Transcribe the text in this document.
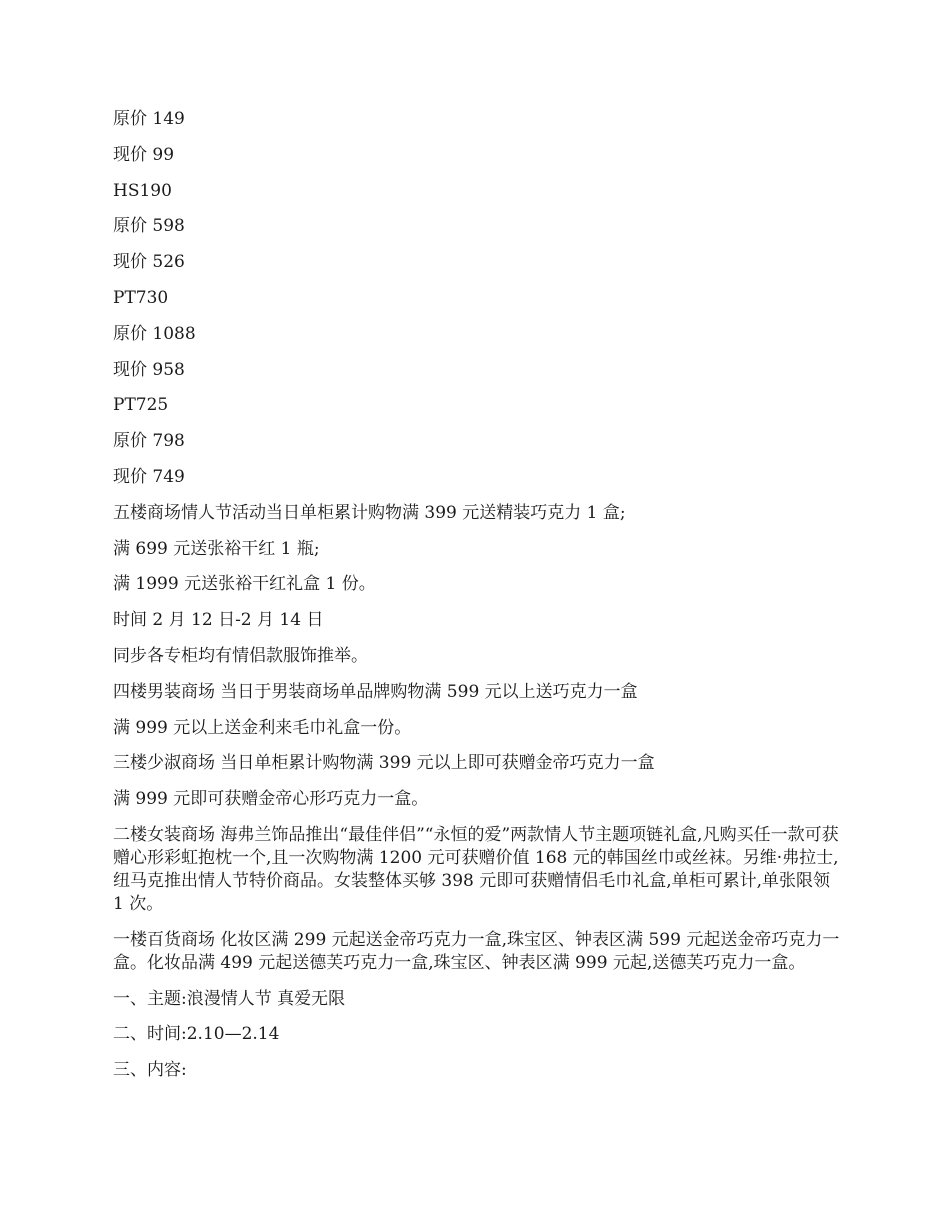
原价 149

现价 99

HS190

原价 598

现价 526

PT730

原价 1088

现价 958

PT725

原价 798

现价 749

五楼商场情人节活动当日单柜累计购物满 399 元送精装巧克力 1 盒;

满 699 元送张裕干红 1 瓶;

满 1999 元送张裕干红礼盒 1 份。

时间 2 月 12 日-2 月 14 日

同步各专柜均有情侣款服饰推举。

四楼男装商场 当日于男装商场单品牌购物满 599 元以上送巧克力一盒

满 999 元以上送金利来毛巾礼盒一份。

三楼少淑商场 当日单柜累计购物满 399 元以上即可获赠金帝巧克力一盒

满 999 元即可获赠金帝心形巧克力一盒。

二楼女装商场 海弗兰饰品推出“最佳伴侣”“永恒的爱”两款情人节主题项链礼盒,凡购买任一款可获赠心形彩虹抱枕一个,且一次购物满 1200 元可获赠价值 168 元的韩国丝巾或丝袜。另维·弗拉士,纽马克推出情人节特价商品。女装整体买够 398 元即可获赠情侣毛巾礼盒,单柜可累计,单张限领 1 次。

一楼百货商场 化妆区满 299 元起送金帝巧克力一盒,珠宝区、钟表区满 599 元起送金帝巧克力一盒。化妆品满 499 元起送德芙巧克力一盒,珠宝区、钟表区满 999 元起,送德芙巧克力一盒。

一、主题:浪漫情人节 真爱无限

二、时间:2.10—2.14

三、内容:
